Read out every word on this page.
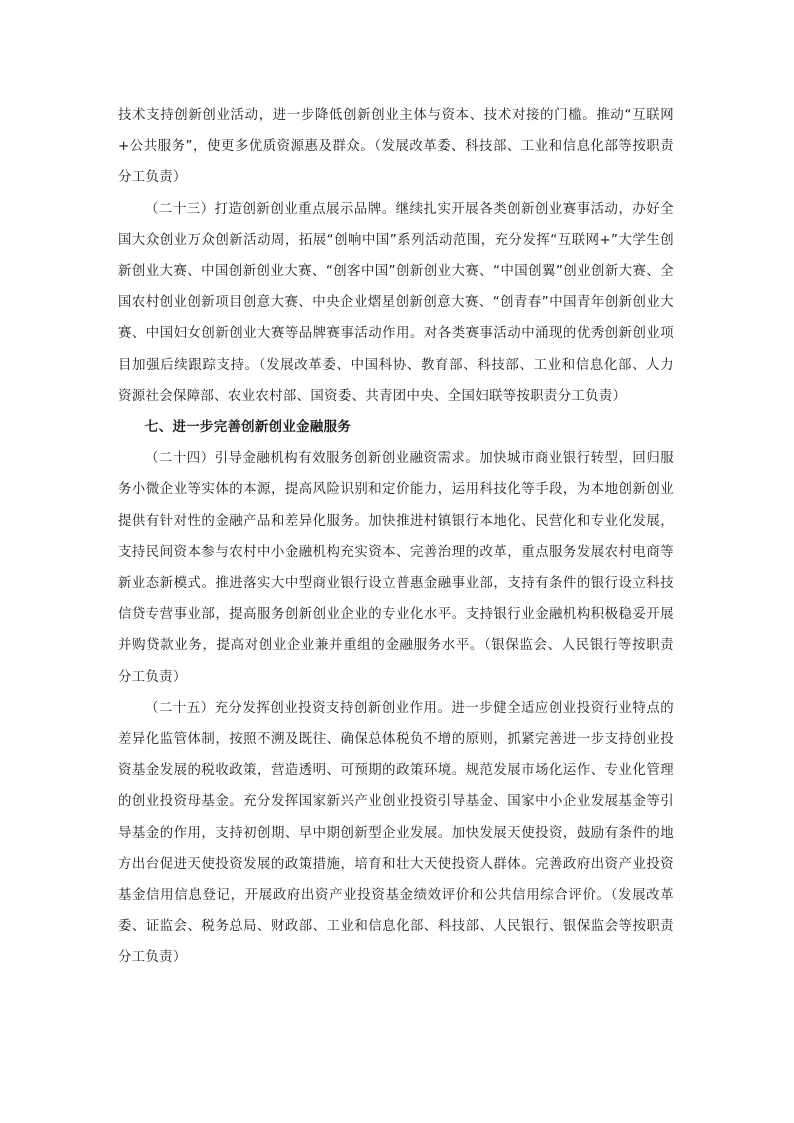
技术支持创新创业活动，进一步降低创新创业主体与资本、技术对接的门槛。推动“互联网+公共服务”，使更多优质资源惠及群众。（发展改革委、科技部、工业和信息化部等按职责分工负责）

（二十三）打造创新创业重点展示品牌。继续扎实开展各类创新创业赛事活动，办好全国大众创业万众创新活动周，拓展“创响中国”系列活动范围，充分发挥“互联网+”大学生创新创业大赛、中国创新创业大赛、“创客中国”创新创业大赛、“中国创翼”创业创新大赛、全国农村创业创新项目创意大赛、中央企业熠星创新创意大赛、“创青春”中国青年创新创业大赛、中国妇女创新创业大赛等品牌赛事活动作用。对各类赛事活动中涌现的优秀创新创业项目加强后续跟踪支持。（发展改革委、中国科协、教育部、科技部、工业和信息化部、人力资源社会保障部、农业农村部、国资委、共青团中央、全国妇联等按职责分工负责）

七、进一步完善创新创业金融服务

（二十四）引导金融机构有效服务创新创业融资需求。加快城市商业银行转型，回归服务小微企业等实体的本源，提高风险识别和定价能力，运用科技化等手段，为本地创新创业提供有针对性的金融产品和差异化服务。加快推进村镇银行本地化、民营化和专业化发展，支持民间资本参与农村中小金融机构充实资本、完善治理的改革，重点服务发展农村电商等新业态新模式。推进落实大中型商业银行设立普惠金融事业部，支持有条件的银行设立科技信贷专营事业部，提高服务创新创业企业的专业化水平。支持银行业金融机构积极稳妥开展并购贷款业务，提高对创业企业兼并重组的金融服务水平。（银保监会、人民银行等按职责分工负责）

（二十五）充分发挥创业投资支持创新创业作用。进一步健全适应创业投资行业特点的差异化监管体制，按照不溯及既往、确保总体税负不增的原则，抓紧完善进一步支持创业投资基金发展的税收政策，营造透明、可预期的政策环境。规范发展市场化运作、专业化管理的创业投资母基金。充分发挥国家新兴产业创业投资引导基金、国家中小企业发展基金等引导基金的作用，支持初创期、早中期创新型企业发展。加快发展天使投资，鼓励有条件的地方出台促进天使投资发展的政策措施，培育和壮大天使投资人群体。完善政府出资产业投资基金信用信息登记，开展政府出资产业投资基金绩效评价和公共信用综合评价。（发展改革委、证监会、税务总局、财政部、工业和信息化部、科技部、人民银行、银保监会等按职责分工负责）
